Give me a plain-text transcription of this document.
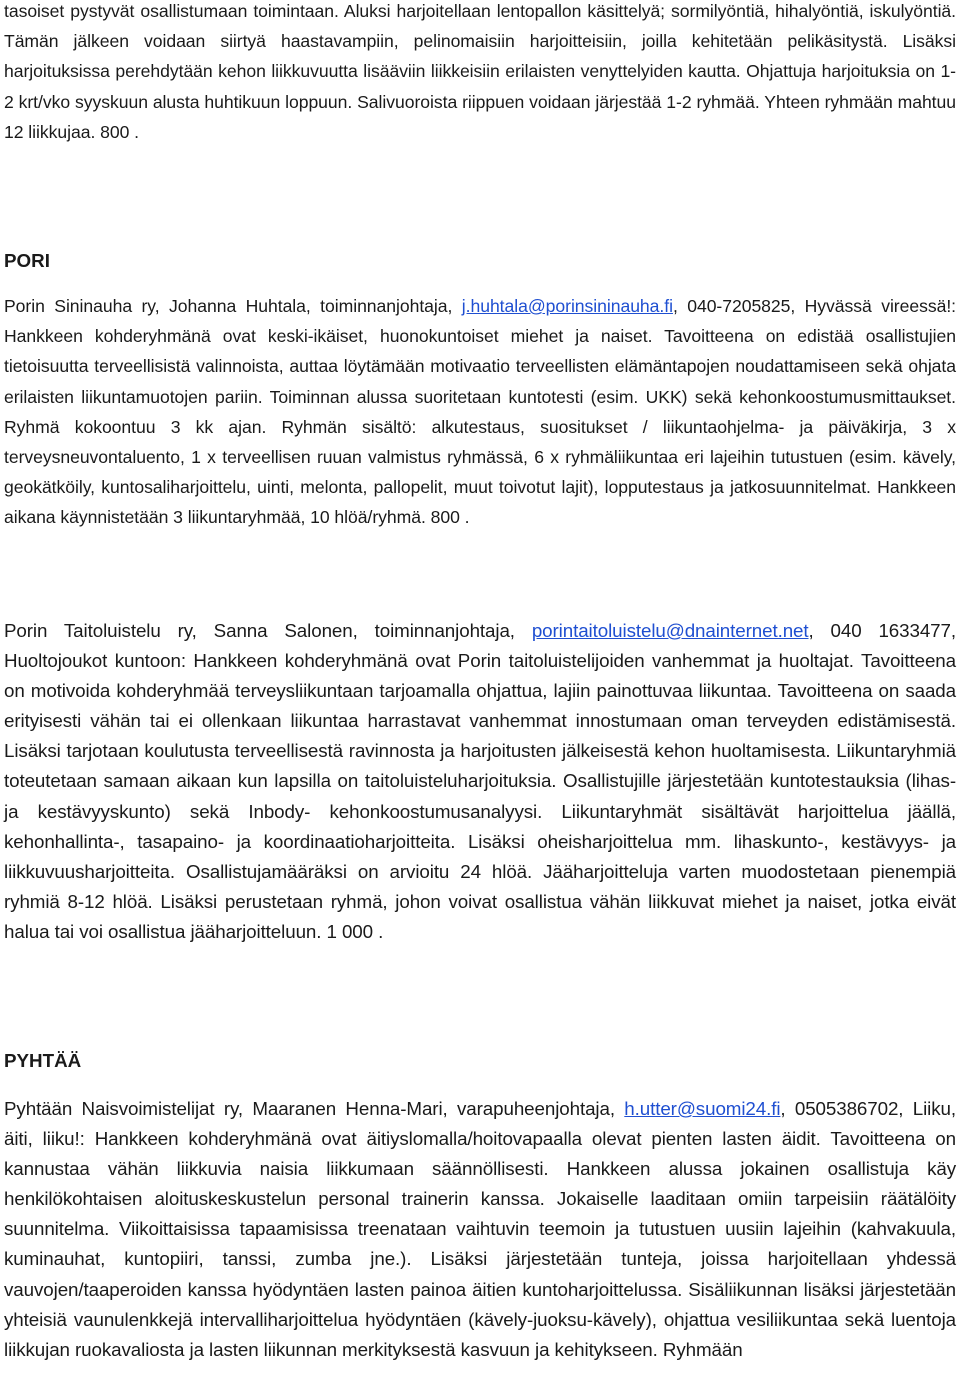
tasoiset pystyvät osallistumaan toimintaan. Aluksi harjoitellaan lentopallon käsittelyä; sormilyöntiä, hihalyöntiä, iskulyöntiä. Tämän jälkeen voidaan siirtyä haastavampiin, pelinomaisiin harjoitteisiin, joilla kehitetään pelikäsitystä. Lisäksi harjoituksissa perehdytään kehon liikkuvuutta lisääviin liikkeisiin erilaisten venyttelyiden kautta. Ohjattuja harjoituksia on 1-2 krt/vko syyskuun alusta huhtikuun loppuun. Salivuoroista riippuen voidaan järjestää 1-2 ryhmää. Yhteen ryhmään mahtuu 12 liikkujaa. 800 .

PORI

Porin Sininauha ry, Johanna Huhtala, toiminnanjohtaja, j.huhtala@porinsininauha.fi, 040-7205825, Hyvässä vireessä!: Hankkeen kohderyhmänä ovat keski-ikäiset, huonokuntoiset miehet ja naiset. Tavoitteena on edistää osallistujien tietoisuutta terveellisistä valinnoista, auttaa löytämään motivaatio terveellisten elämäntapojen noudattamiseen sekä ohjata erilaisten liikuntamuotojen pariin. Toiminnan alussa suoritetaan kuntotesti (esim. UKK) sekä kehonkoostumusmittaukset. Ryhmä kokoontuu 3 kk ajan. Ryhmän sisältö: alkutestaus, suositukset / liikuntaohjelma- ja päiväkirja, 3 x terveysneuvontaluento, 1 x terveellisen ruuan valmistus ryhmässä, 6 x ryhmäliikuntaa eri lajeihin tutustuen (esim. kävely, geokätköily, kuntosaliharjoittelu, uinti, melonta, pallopelit, muut toivotut lajit), lopputestaus ja jatkosuunnitelmat. Hankkeen aikana käynnistetään 3 liikuntaryhmää, 10 hlöä/ryhmä. 800 .

Porin Taitoluistelu ry, Sanna Salonen, toiminnanjohtaja, porintaitoluistelu@dnainternet.net, 040 1633477, Huoltojoukot kuntoon: Hankkeen kohderyhmänä ovat Porin taitoluistelijoiden vanhemmat ja huoltajat. Tavoitteena on motivoida kohderyhmää terveysliikuntaan tarjoamalla ohjattua, lajiin painottuvaa liikuntaa. Tavoitteena on saada erityisesti vähän tai ei ollenkaan liikuntaa harrastavat vanhemmat innostumaan oman terveyden edistämisestä. Lisäksi tarjotaan koulutusta terveellisestä ravinnosta ja harjoitusten jälkeisestä kehon huoltamisesta. Liikuntaryhmiä toteutetaan samaan aikaan kun lapsilla on taitoluisteluharjoituksia. Osallistujille järjestetään kuntotestauksia (lihas- ja kestävyyskunto) sekä Inbody- kehonkoostumusanalyysi. Liikuntaryhmät sisältävät harjoittelua jäällä, kehonhallinta-, tasapaino- ja koordinaatioharjoitteita. Lisäksi oheisharjoittelua mm. lihaskunto-, kestävyys- ja liikkuvuusharjoitteita. Osallistujamääräksi on arvioitu 24 hlöä. Jääharjoitteluja varten muodostetaan pienempiä ryhmiä 8-12 hlöä. Lisäksi perustetaan ryhmä, johon voivat osallistua vähän liikkuvat miehet ja naiset, jotka eivät halua tai voi osallistua jääharjoitteluun. 1 000 .

PYHTÄÄ

Pyhtään Naisvoimistelijat ry, Maaranen Henna-Mari, varapuheenjohtaja, h.utter@suomi24.fi, 0505386702, Liiku, äiti, liiku!: Hankkeen kohderyhmänä ovat äitiyslomalla/hoitovapaalla olevat pienten lasten äidit. Tavoitteena on kannustaa vähän liikkuvia naisia liikkumaan säännöllisesti. Hankkeen alussa jokainen osallistuja käy henkilökohtaisen aloituskeskustelun personal trainerin kanssa. Jokaiselle laaditaan omiin tarpeisiin räätälöity suunnitelma. Viikoittaisissa tapaamisissa treenataan vaihtuvin teemoin ja tutustuen uusiin lajeihin (kahvakuula, kuminauhat, kuntopiiri, tanssi, zumba jne.). Lisäksi järjestetään tunteja, joissa harjoitellaan yhdessä vauvojen/taaperoiden kanssa hyödyntäen lasten painoa äitien kuntoharjoittelussa. Sisäliikunnan lisäksi järjestetään yhteisiä vaunulenkkejä intervalliharjoittelua hyödyntäen (kävely-juoksu-kävely), ohjattua vesiliikuntaa sekä luentoja liikkujan ruokavaliosta ja lasten liikunnan merkityksestä kasvuun ja kehitykseen. Ryhmään
